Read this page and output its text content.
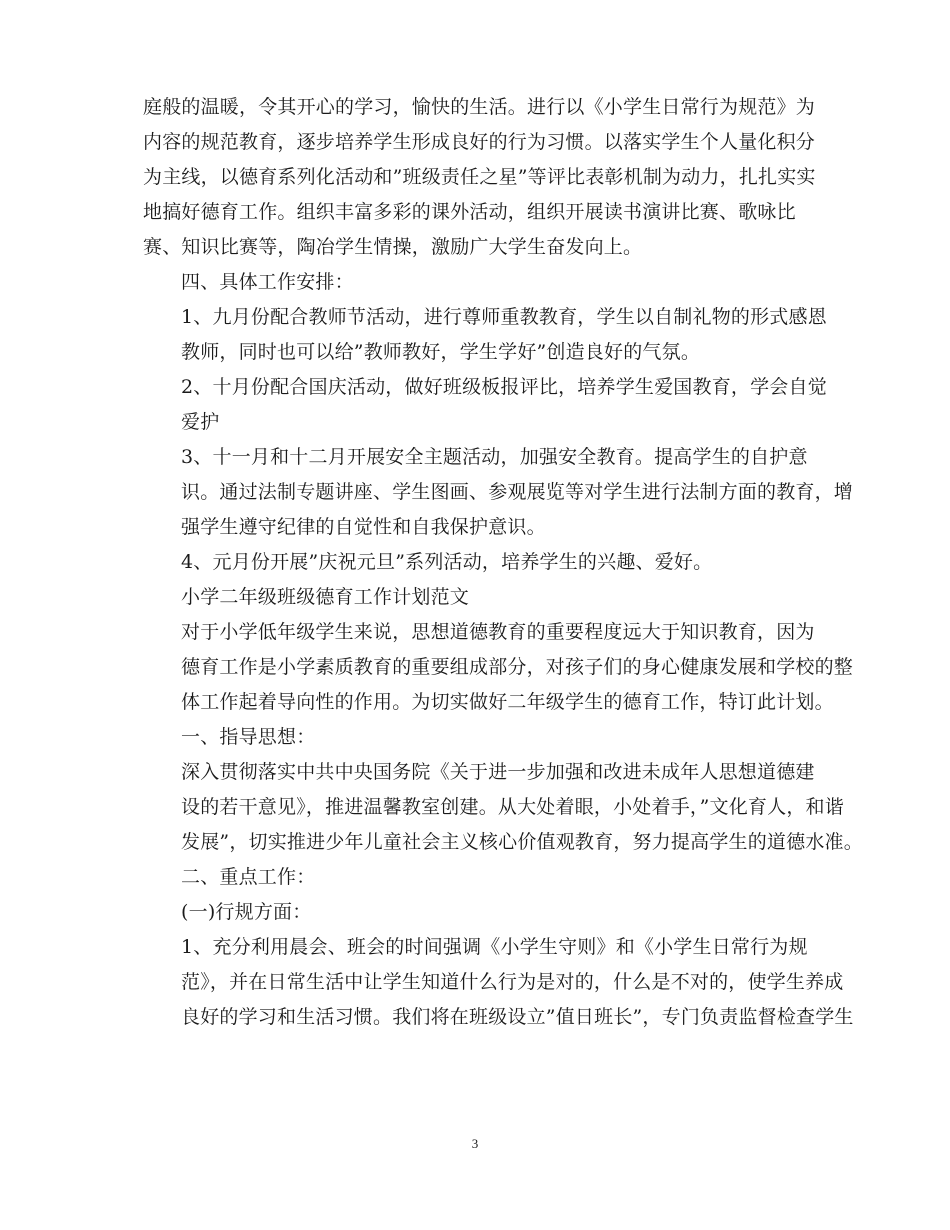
庭般的温暖，令其开心的学习，愉快的生活。进行以《小学生日常行为规范》为
内容的规范教育，逐步培养学生形成良好的行为习惯。以落实学生个人量化积分
为主线，以德育系列化活动和”班级责任之星”等评比表彰机制为动力，扎扎实实
地搞好德育工作。组织丰富多彩的课外活动，组织开展读书演讲比赛、歌咏比
赛、知识比赛等，陶冶学生情操，激励广大学生奋发向上。

四、具体工作安排：

1、九月份配合教师节活动，进行尊师重教教育，学生以自制礼物的形式感恩
教师，同时也可以给”教师教好，学生学好”创造良好的气氛。

2、十月份配合国庆活动，做好班级板报评比，培养学生爱国教育，学会自觉
爱护

3、十一月和十二月开展安全主题活动，加强安全教育。提高学生的自护意
识。通过法制专题讲座、学生图画、参观展览等对学生进行法制方面的教育，增
强学生遵守纪律的自觉性和自我保护意识。

4、元月份开展”庆祝元旦”系列活动，培养学生的兴趣、爱好。

小学二年级班级德育工作计划范文

对于小学低年级学生来说，思想道德教育的重要程度远大于知识教育，因为
德育工作是小学素质教育的重要组成部分，对孩子们的身心健康发展和学校的整
体工作起着导向性的作用。为切实做好二年级学生的德育工作，特订此计划。

一、指导思想：

深入贯彻落实中共中央国务院《关于进一步加强和改进未成年人思想道德建
设的若干意见》，推进温馨教室创建。从大处着眼，小处着手，”文化育人，和谐
发展”，切实推进少年儿童社会主义核心价值观教育，努力提高学生的道德水准。

二、重点工作：

(一)行规方面：

1、充分利用晨会、班会的时间强调《小学生守则》和《小学生日常行为规
范》，并在日常生活中让学生知道什么行为是对的，什么是不对的，使学生养成
良好的学习和生活习惯。我们将在班级设立”值日班长”，专门负责监督检查学生

3
